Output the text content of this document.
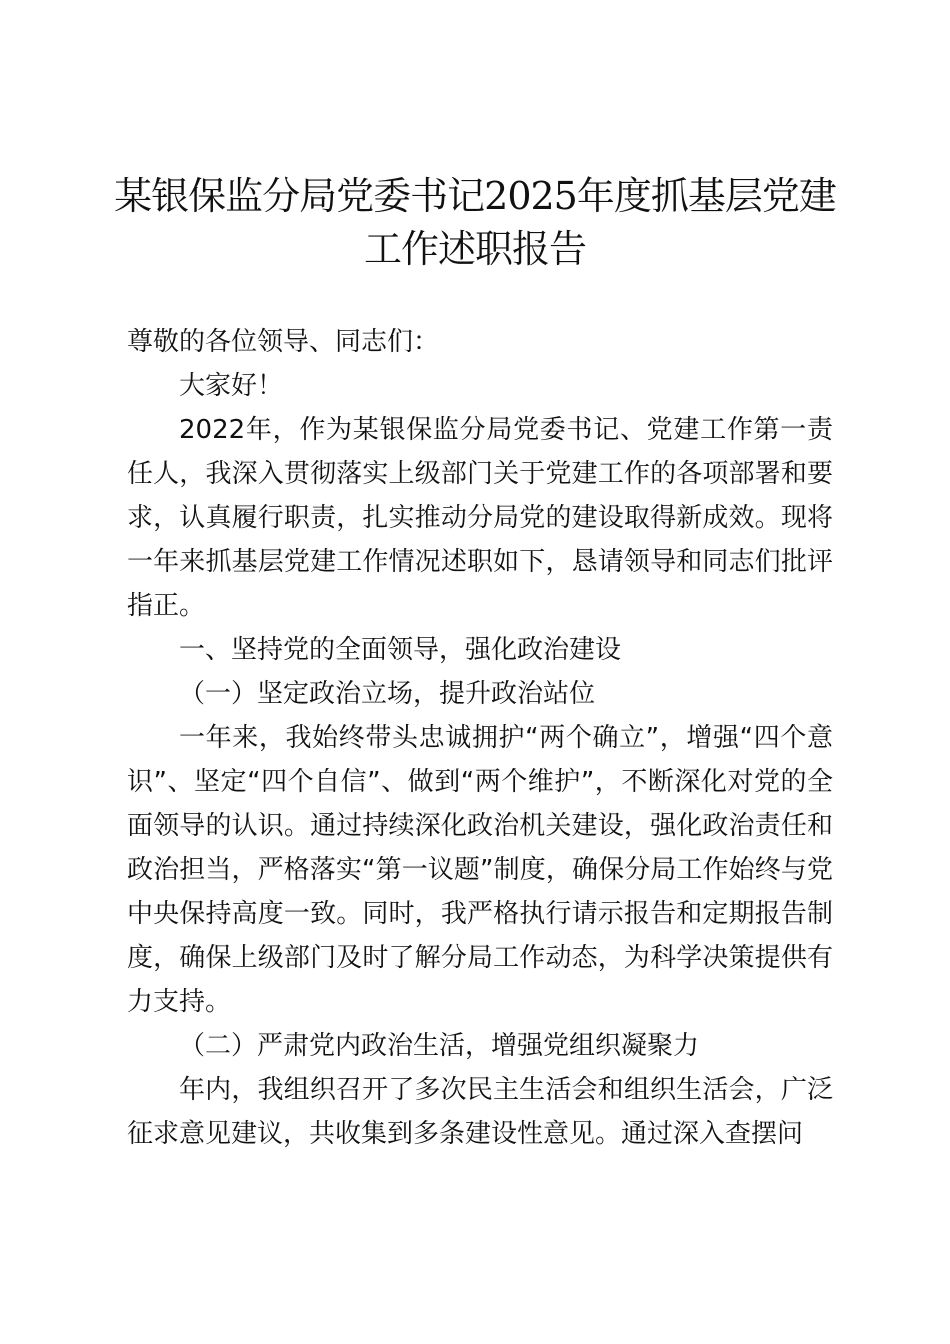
某银保监分局党委书记2025年度抓基层党建工作述职报告

尊敬的各位领导、同志们：

大家好！

2022年，作为某银保监分局党委书记、党建工作第一责任人，我深入贯彻落实上级部门关于党建工作的各项部署和要求，认真履行职责，扎实推动分局党的建设取得新成效。现将一年来抓基层党建工作情况述职如下，恳请领导和同志们批评指正。

一、坚持党的全面领导，强化政治建设

（一）坚定政治立场，提升政治站位

一年来，我始终带头忠诚拥护“两个确立”，增强“四个意识”、坚定“四个自信”、做到“两个维护”，不断深化对党的全面领导的认识。通过持续深化政治机关建设，强化政治责任和政治担当，严格落实“第一议题”制度，确保分局工作始终与党中央保持高度一致。同时，我严格执行请示报告和定期报告制度，确保上级部门及时了解分局工作动态，为科学决策提供有力支持。

（二）严肃党内政治生活，增强党组织凝聚力

年内，我组织召开了多次民主生活会和组织生活会，广泛征求意见建议，共收集到多条建设性意见。通过深入查摆问
